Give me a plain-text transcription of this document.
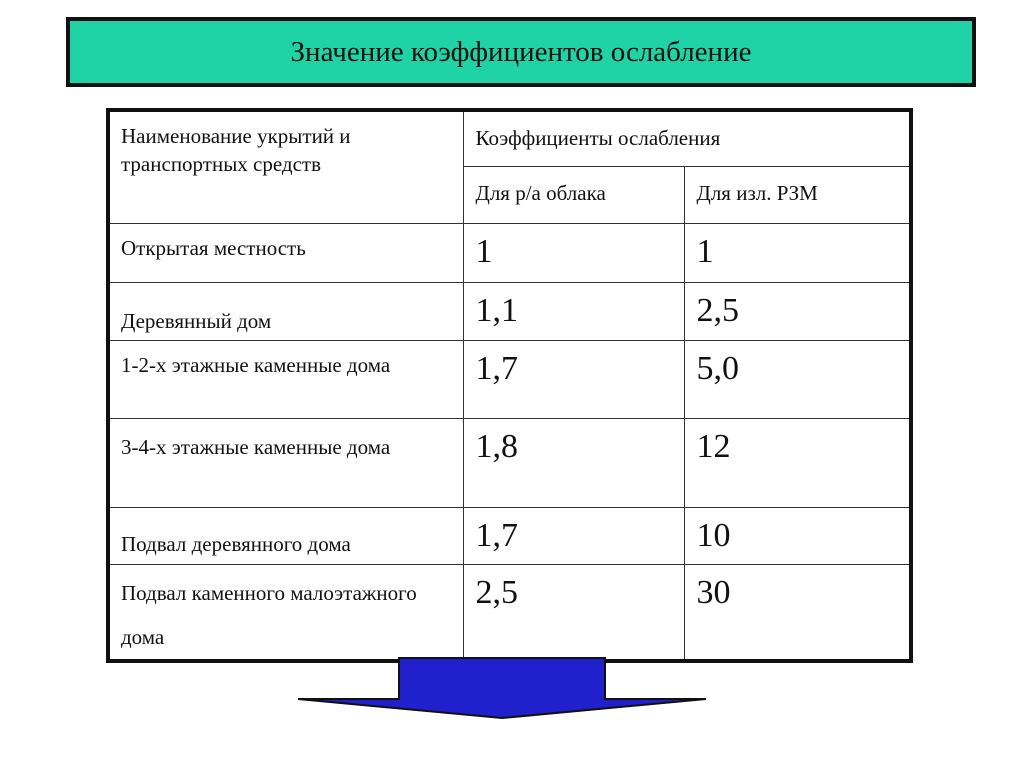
Значение коэффициентов ослабление
Наименование укрытий и транспортных средств	Коэффициенты ослабления	
	Для р/а облака	Для изл. РЗМ
Открытая местность	1	1
Деревянный дом	1,1	2,5
1-2-х этажные каменные дома	1,7	5,0
3-4-х этажные каменные дома	1,8	12
Подвал деревянного дома	1,7	10
Подвал каменного малоэтажного дома	2,5	30
